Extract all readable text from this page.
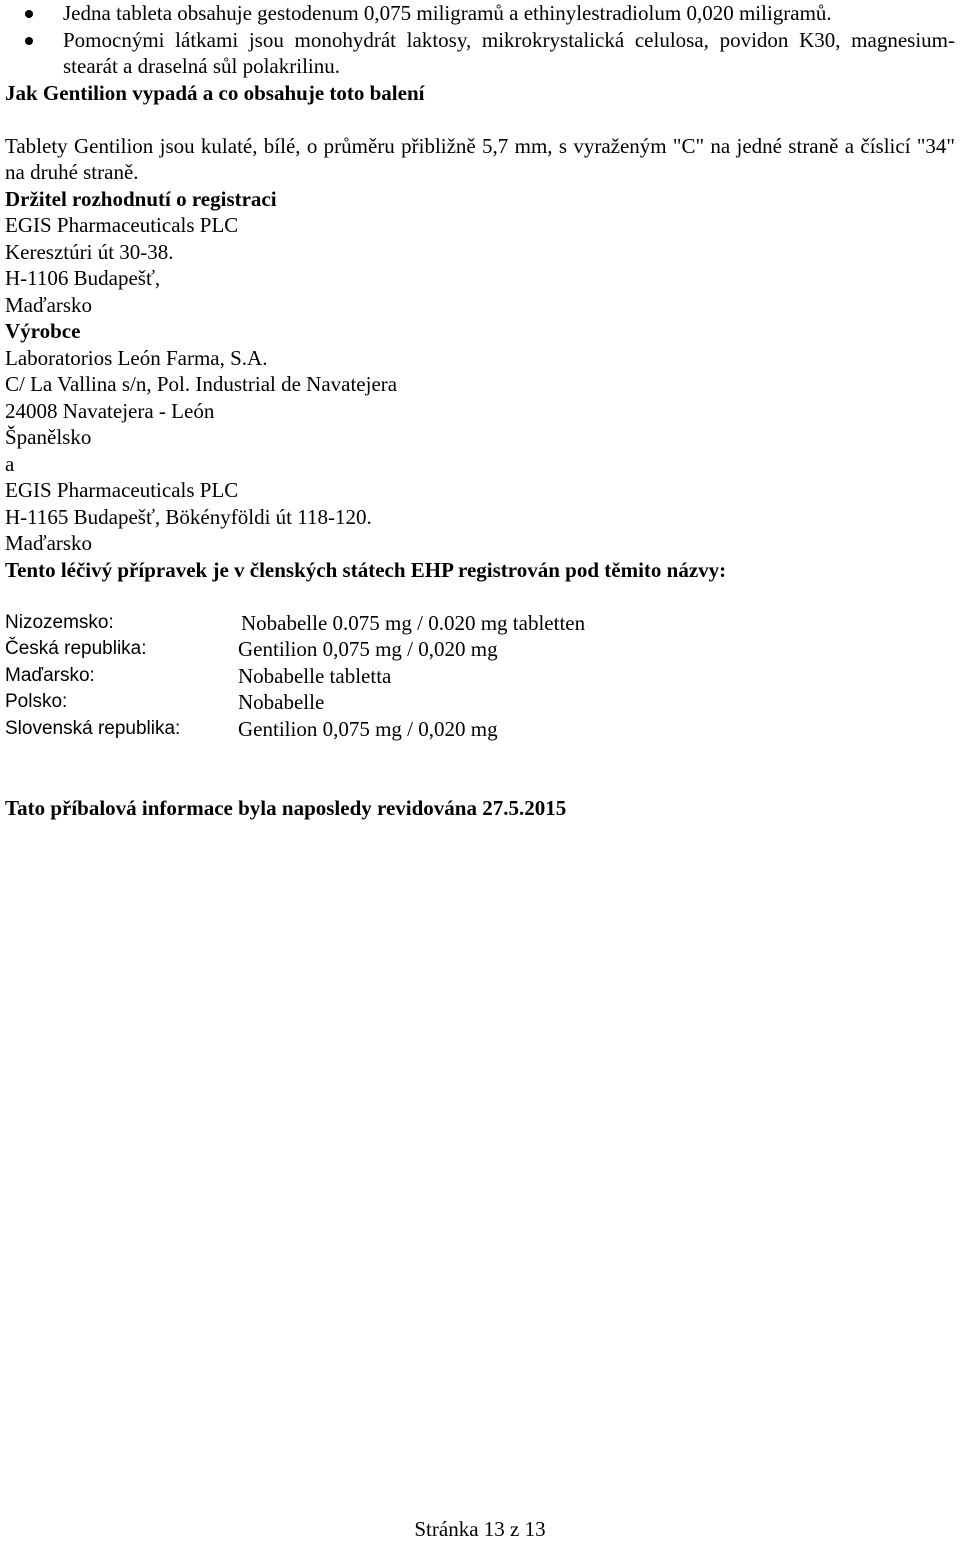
Jedna tableta obsahuje gestodenum 0,075 miligramů a ethinylestradiolum 0,020 miligramů.
Pomocnými látkami jsou monohydrát laktosy, mikrokrystalická celulosa, povidon K30, magnesium-stearát a draselná sůl polakrilinu.
Jak Gentilion vypadá a co obsahuje toto balení
Tablety Gentilion jsou kulaté, bílé, o průměru přibližně 5,7 mm, s vyraženým "C" na jedné straně a číslicí "34" na druhé straně.
Držitel rozhodnutí o registraci
EGIS Pharmaceuticals PLC
Keresztúri út 30-38.
H-1106 Budapešť,
Maďarsko
Výrobce
Laboratorios León Farma, S.A.
C/ La Vallina s/n, Pol. Industrial de Navatejera
24008 Navatejera - León
Španělsko
a
EGIS Pharmaceuticals PLC
H-1165 Budapešť, Bökényföldi út 118-120.
Maďarsko
Tento léčivý přípravek je v členských státech EHP registrován pod těmito názvy:
Nizozemsko:	Nobabelle 0.075 mg / 0.020 mg tabletten
Česká republika:	Gentilion 0,075 mg / 0,020 mg
Maďarsko:	Nobabelle tabletta
Polsko:	Nobabelle
Slovenská republika:	Gentilion 0,075 mg / 0,020 mg
Tato příbalová informace byla naposledy revidována 27.5.2015
Stránka 13 z 13
